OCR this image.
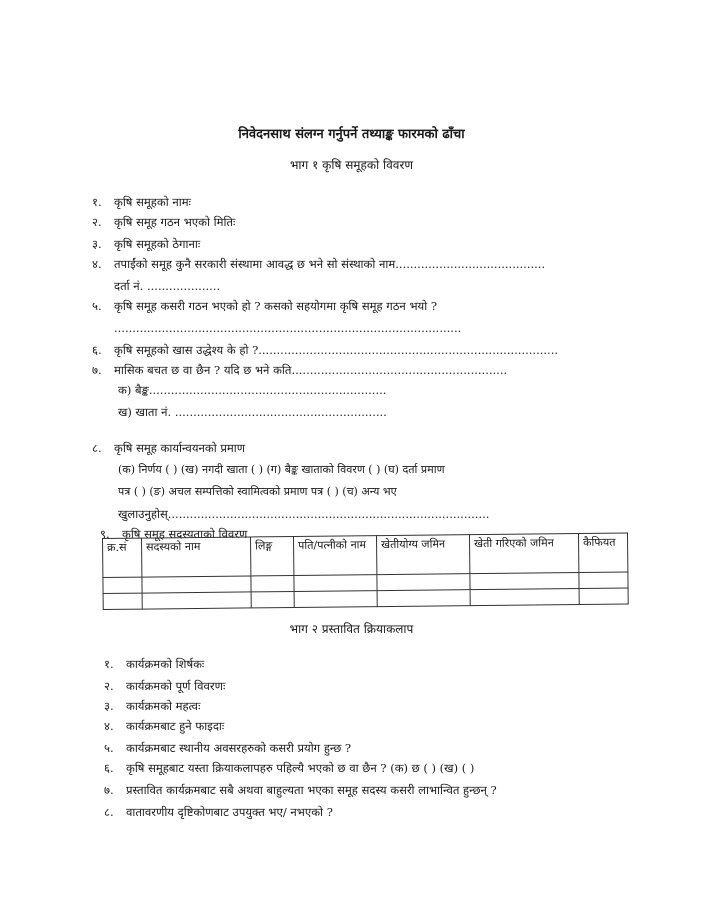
निवेदनसाथ संलग्न गर्नुपर्ने तथ्याङ्क फारमको ढाँचा
भाग १ कृषि समूहको विवरण
१. कृषि समूहको नामः
२. कृषि समूह गठन भएको मितिः
३. कृषि समूहको ठेगानाः
४. तपाईंको समूह कुनै सरकारी संस्थामा आवद्ध छ भने सो संस्थाको नाम.........................................
दर्ता नं. ....................
५. कृषि समूह कसरी गठन भएको हो ? कसको सहयोगमा कृषि समूह गठन भयो ?
...............................................................................................
६. कृषि समूहको खास उद्धेश्य के हो ?..................................................................................
७. मासिक बचत छ वा छैन ? यदि छ भने कति...........................................................
क) बैङ्क.................................................................
ख) खाता नं. ..........................................................
८. कृषि समूह कार्यान्वयनको प्रमाण
(क) निर्णय ( ) (ख) नगदी खाता ( ) (ग) बैङ्क खाताको विवरण ( ) (घ) दर्ता प्रमाण
पत्र ( ) (ङ) अचल सम्पत्तिको स्वामित्वको प्रमाण पत्र ( ) (च) अन्य भए
खुलाउनुहोस्........................................................................................
९. कृषि समूह सदस्यताको विवरण
क्र.सं	सदस्यको नाम	लिङ्ग	पति/पत्नीको नाम	खेतीयोग्य जमिन	खेती गरिएको जमिन	कैफियत

भाग २ प्रस्तावित क्रियाकलाप
१. कार्यक्रमको शिर्षकः
२. कार्यक्रमको पूर्ण विवरणः
३. कार्यक्रमको महत्वः
४. कार्यक्रमबाट हुने फाइदाः
५. कार्यक्रमबाट स्थानीय अवसरहरुको कसरी प्रयोग हुन्छ ?
६. कृषि समूहबाट यस्ता क्रियाकलापहरु पहिल्यै भएको छ वा छैन ? (क) छ ( ) (ख) ( )
७. प्रस्तावित कार्यक्रमबाट सबै अथवा बाहुल्यता भएका समूह सदस्य कसरी लाभान्वित हुन्छन् ?
८. वातावरणीय दृष्टिकोणबाट उपयुक्त भए/ नभएको ?
